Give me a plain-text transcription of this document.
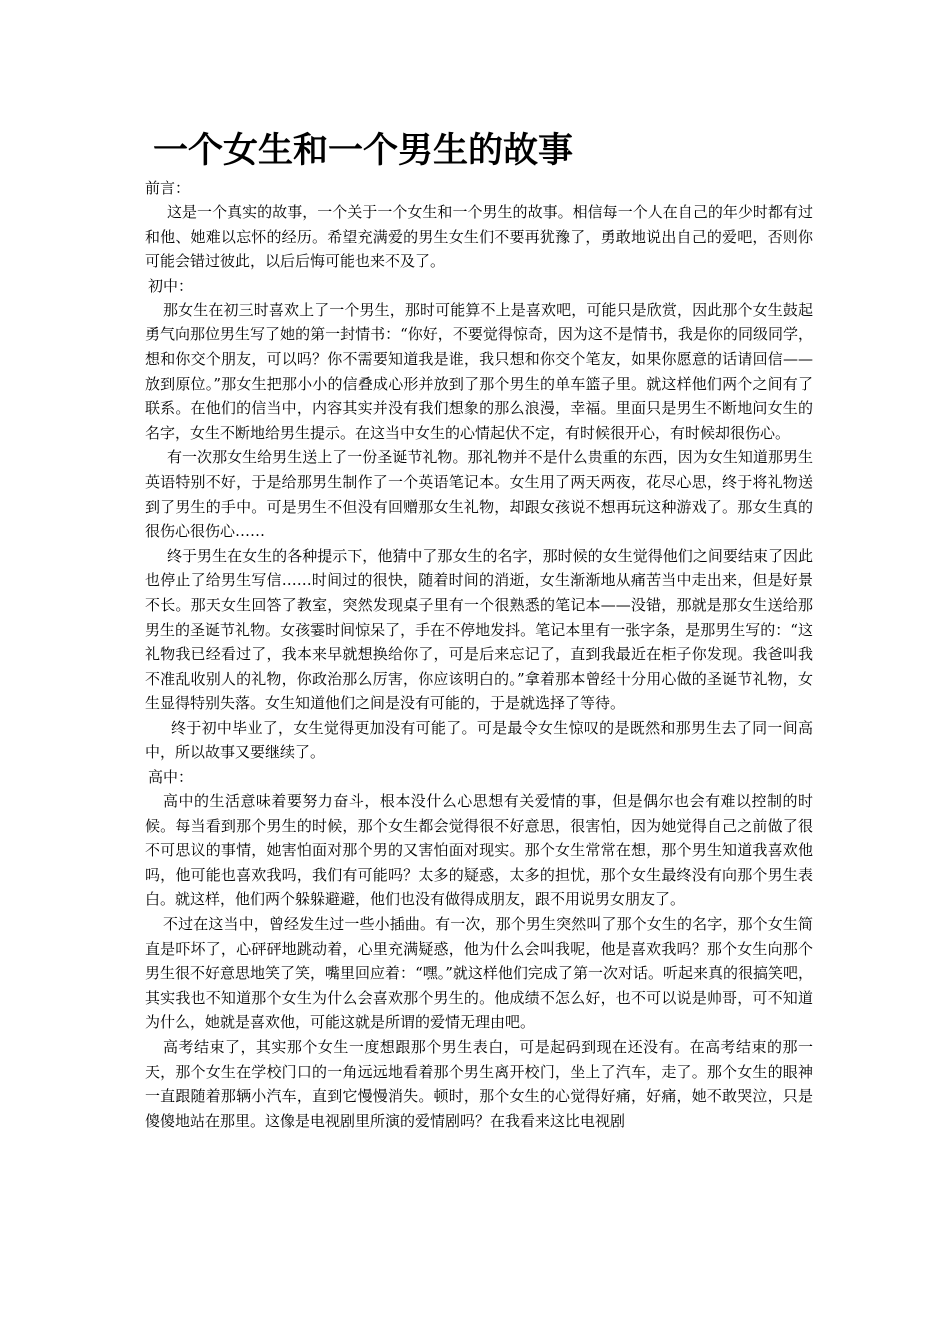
一个女生和一个男生的故事

前言：

这是一个真实的故事，一个关于一个女生和一个男生的故事。相信每一个人在自己的年少时都有过和他、她难以忘怀的经历。希望充满爱的男生女生们不要再犹豫了，勇敢地说出自己的爱吧，否则你可能会错过彼此，以后后悔可能也来不及了。

初中：

那女生在初三时喜欢上了一个男生，那时可能算不上是喜欢吧，可能只是欣赏，因此那个女生鼓起勇气向那位男生写了她的第一封情书：“你好，不要觉得惊奇，因为这不是情书，我是你的同级同学，想和你交个朋友，可以吗？你不需要知道我是谁，我只想和你交个笔友，如果你愿意的话请回信——放到原位。”那女生把那小小的信叠成心形并放到了那个男生的单车篮子里。就这样他们两个之间有了联系。在他们的信当中，内容其实并没有我们想象的那么浪漫，幸福。里面只是男生不断地问女生的名字，女生不断地给男生提示。在这当中女生的心情起伏不定，有时候很开心，有时候却很伤心。

有一次那女生给男生送上了一份圣诞节礼物。那礼物并不是什么贵重的东西，因为女生知道那男生英语特别不好，于是给那男生制作了一个英语笔记本。女生用了两天两夜，花尽心思，终于将礼物送到了男生的手中。可是男生不但没有回赠那女生礼物，却跟女孩说不想再玩这种游戏了。那女生真的很伤心很伤心……

终于男生在女生的各种提示下，他猜中了那女生的名字，那时候的女生觉得他们之间要结束了因此也停止了给男生写信……时间过的很快，随着时间的消逝，女生渐渐地从痛苦当中走出来，但是好景不长。那天女生回答了教室，突然发现桌子里有一个很熟悉的笔记本——没错，那就是那女生送给那男生的圣诞节礼物。女孩霎时间惊呆了，手在不停地发抖。笔记本里有一张字条，是那男生写的：“这礼物我已经看过了，我本来早就想换给你了，可是后来忘记了，直到我最近在柜子你发现。我爸叫我不准乱收别人的礼物，你政治那么厉害，你应该明白的。”拿着那本曾经十分用心做的圣诞节礼物，女生显得特别失落。女生知道他们之间是没有可能的，于是就选择了等待。

终于初中毕业了，女生觉得更加没有可能了。可是最令女生惊叹的是既然和那男生去了同一间高中，所以故事又要继续了。

高中：

高中的生活意味着要努力奋斗，根本没什么心思想有关爱情的事，但是偶尔也会有难以控制的时候。每当看到那个男生的时候，那个女生都会觉得很不好意思，很害怕，因为她觉得自己之前做了很不可思议的事情，她害怕面对那个男的又害怕面对现实。那个女生常常在想，那个男生知道我喜欢他吗，他可能也喜欢我吗，我们有可能吗？太多的疑惑，太多的担忧，那个女生最终没有向那个男生表白。就这样，他们两个躲躲避避，他们也没有做得成朋友，跟不用说男女朋友了。

不过在这当中，曾经发生过一些小插曲。有一次，那个男生突然叫了那个女生的名字，那个女生简直是吓坏了，心砰砰地跳动着，心里充满疑惑，他为什么会叫我呢，他是喜欢我吗？那个女生向那个男生很不好意思地笑了笑，嘴里回应着：“嘿。”就这样他们完成了第一次对话。听起来真的很搞笑吧，其实我也不知道那个女生为什么会喜欢那个男生的。他成绩不怎么好，也不可以说是帅哥，可不知道为什么，她就是喜欢他，可能这就是所谓的爱情无理由吧。

高考结束了，其实那个女生一度想跟那个男生表白，可是起码到现在还没有。在高考结束的那一天，那个女生在学校门口的一角远远地看着那个男生离开校门，坐上了汽车，走了。那个女生的眼神一直跟随着那辆小汽车，直到它慢慢消失。顿时，那个女生的心觉得好痛，好痛，她不敢哭泣，只是傻傻地站在那里。这像是电视剧里所演的爱情剧吗？在我看来这比电视剧
